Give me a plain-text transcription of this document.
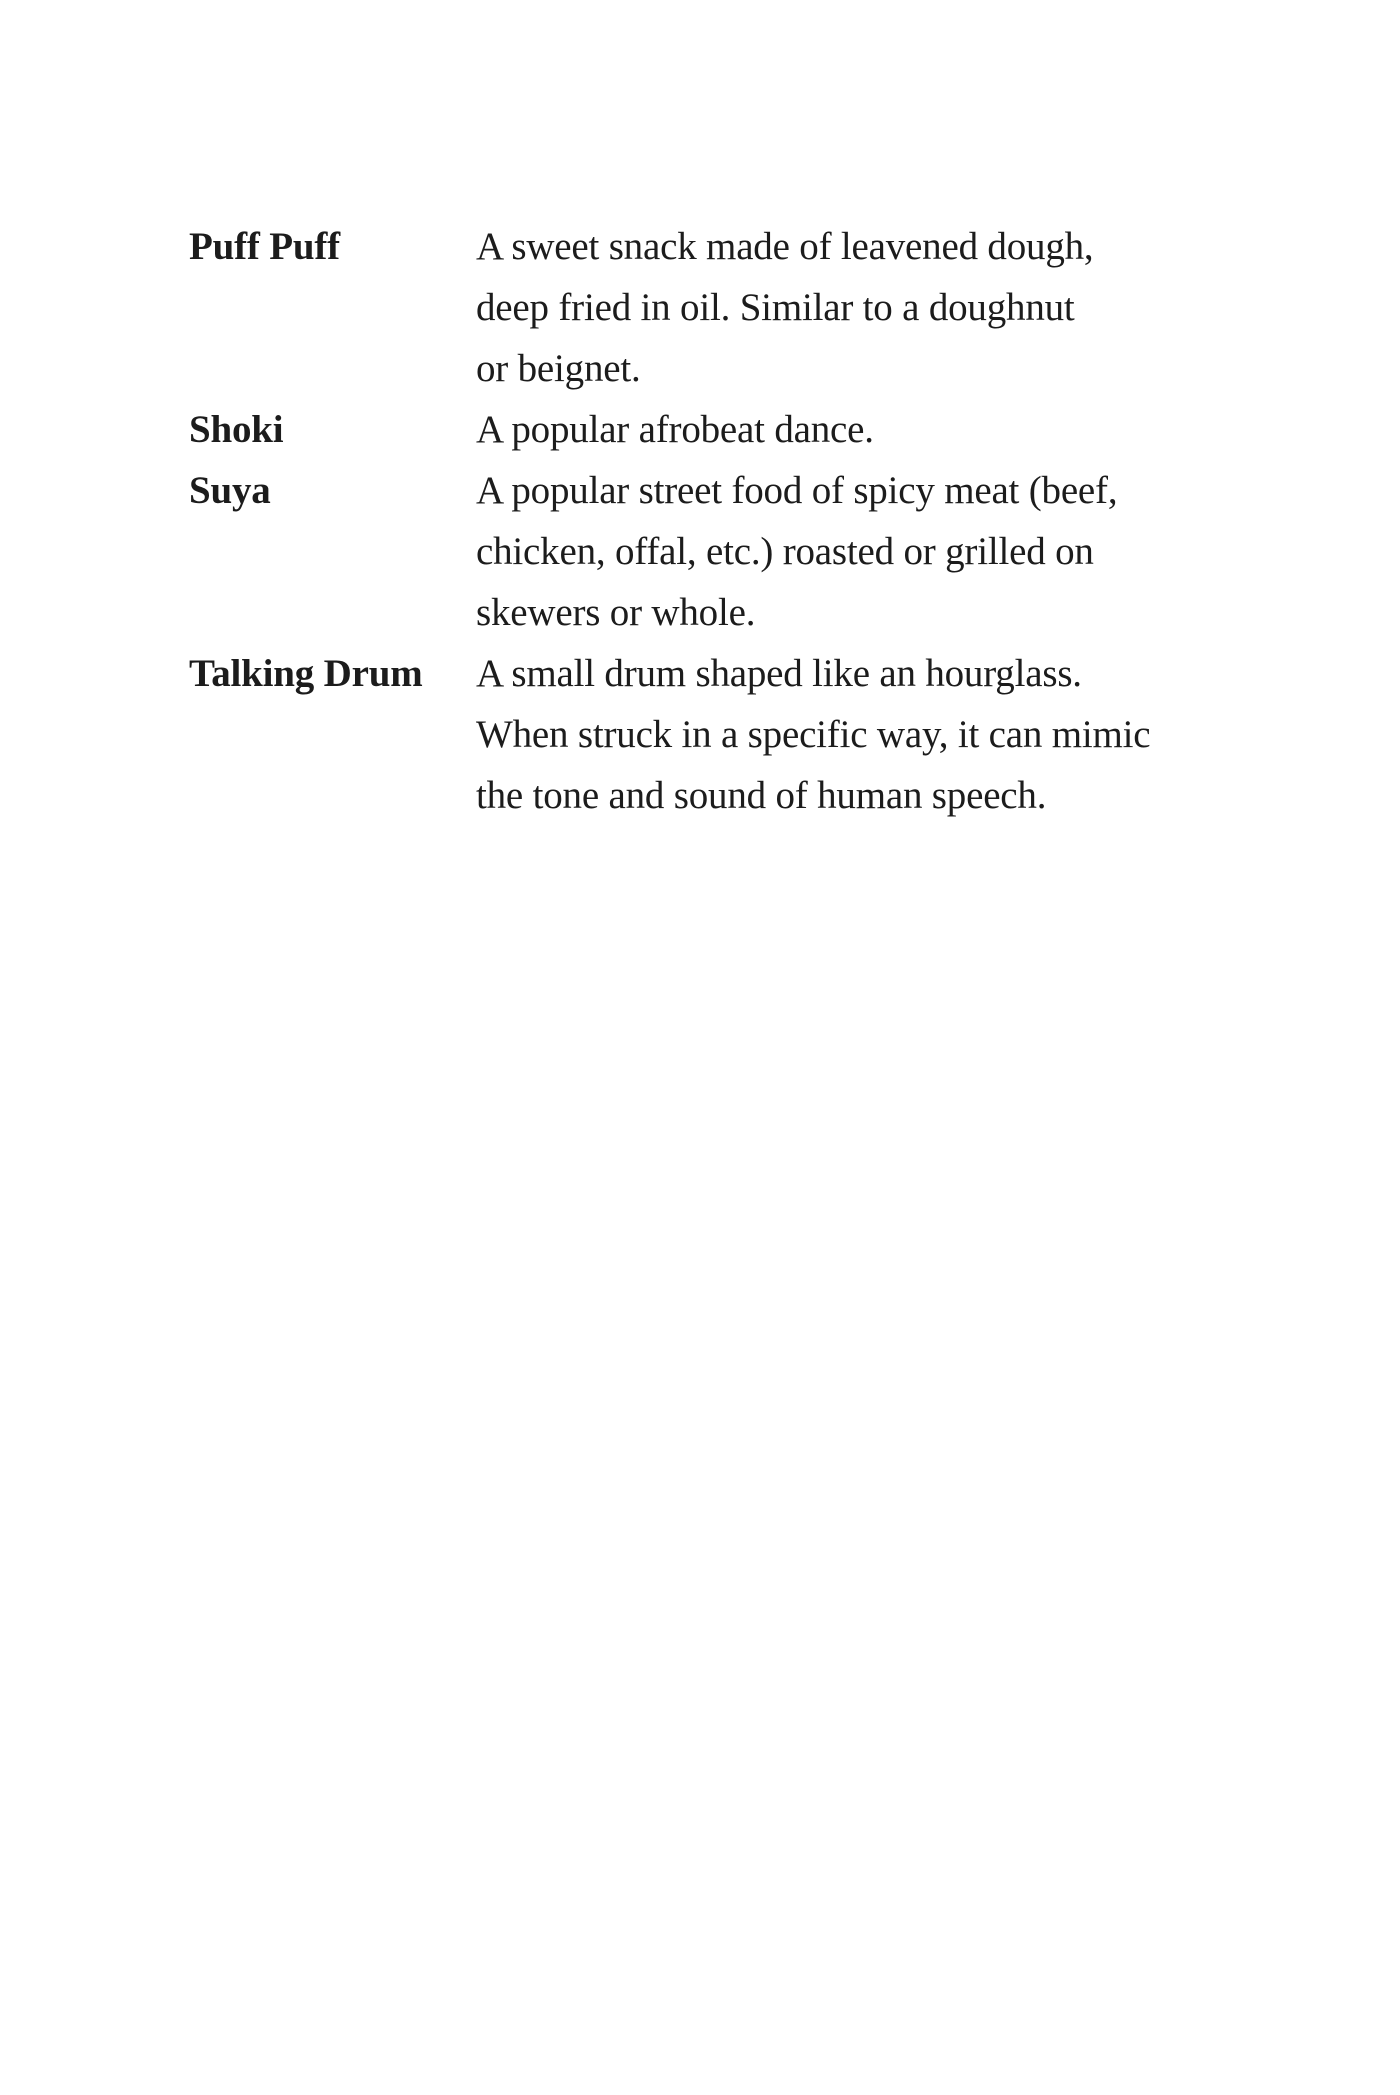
Puff Puff	A sweet snack made of leavened dough,
deep fried in oil. Similar to a doughnut
or beignet.
Shoki	A popular afrobeat dance.
Suya	A popular street food of spicy meat (beef,
chicken, offal, etc.) roasted or grilled on
skewers or whole.
Talking Drum	A small drum shaped like an hourglass.
When struck in a specific way, it can mimic
the tone and sound of human speech.
